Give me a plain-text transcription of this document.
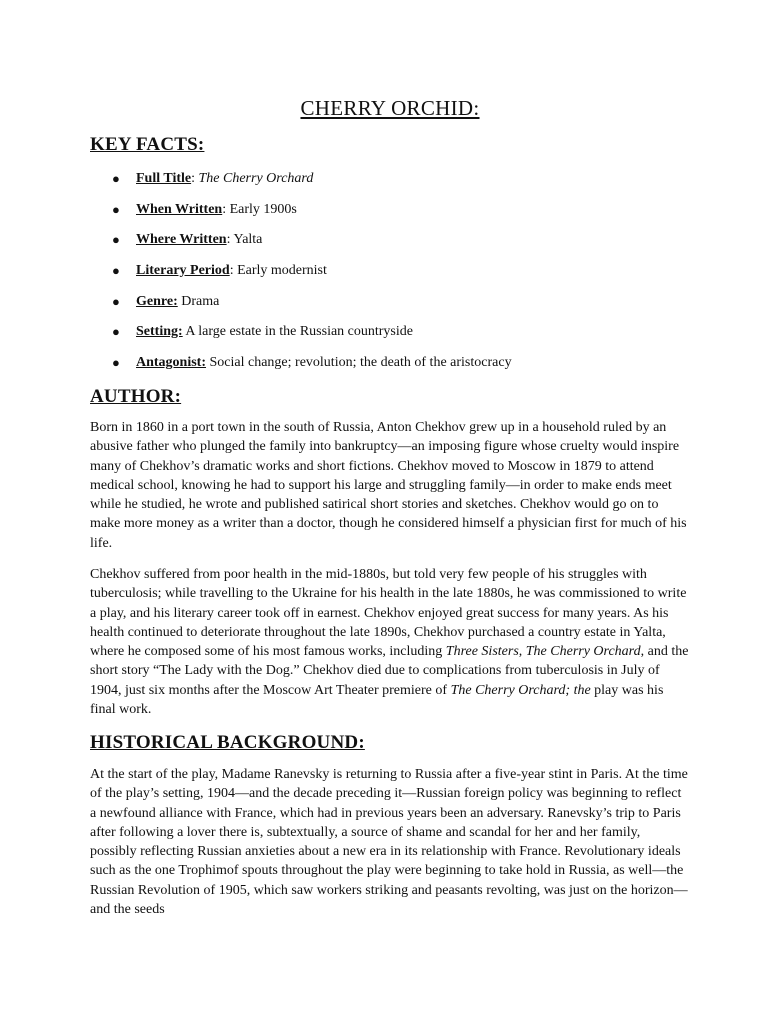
CHERRY ORCHID:
KEY FACTS:
● Full Title: The Cherry Orchard
● When Written: Early 1900s
● Where Written: Yalta
● Literary Period: Early modernist
● Genre: Drama
● Setting: A large estate in the Russian countryside
● Antagonist: Social change; revolution; the death of the aristocracy
AUTHOR:

Born in 1860 in a port town in the south of Russia, Anton Chekhov grew up in a household ruled by an abusive father who plunged the family into bankruptcy—an imposing figure whose cruelty would inspire many of Chekhov’s dramatic works and short fictions. Chekhov moved to Moscow in 1879 to attend medical school, knowing he had to support his large and struggling family—in order to make ends meet while he studied, he wrote and published satirical short stories and sketches. Chekhov would go on to make more money as a writer than a doctor, though he considered himself a physician first for much of his life.

Chekhov suffered from poor health in the mid-1880s, but told very few people of his struggles with tuberculosis; while travelling to the Ukraine for his health in the late 1880s, he was commissioned to write a play, and his literary career took off in earnest. Chekhov enjoyed great success for many years. As his health continued to deteriorate throughout the late 1890s, Chekhov purchased a country estate in Yalta, where he composed some of his most famous works, including Three Sisters, The Cherry Orchard, and the short story “The Lady with the Dog.” Chekhov died due to complications from tuberculosis in July of 1904, just six months after the Moscow Art Theater premiere of The Cherry Orchard; the play was his final work.

HISTORICAL BACKGROUND:

At the start of the play, Madame Ranevsky is returning to Russia after a five-year stint in Paris. At the time of the play’s setting, 1904—and the decade preceding it—Russian foreign policy was beginning to reflect a newfound alliance with France, which had in previous years been an adversary. Ranevsky’s trip to Paris after following a lover there is, subtextually, a source of shame and scandal for her and her family, possibly reflecting Russian anxieties about a new era in its relationship with France. Revolutionary ideals such as the one Trophimof spouts throughout the play were beginning to take hold in Russia, as well—the Russian Revolution of 1905, which saw workers striking and peasants revolting, was just on the horizon—and the seeds
